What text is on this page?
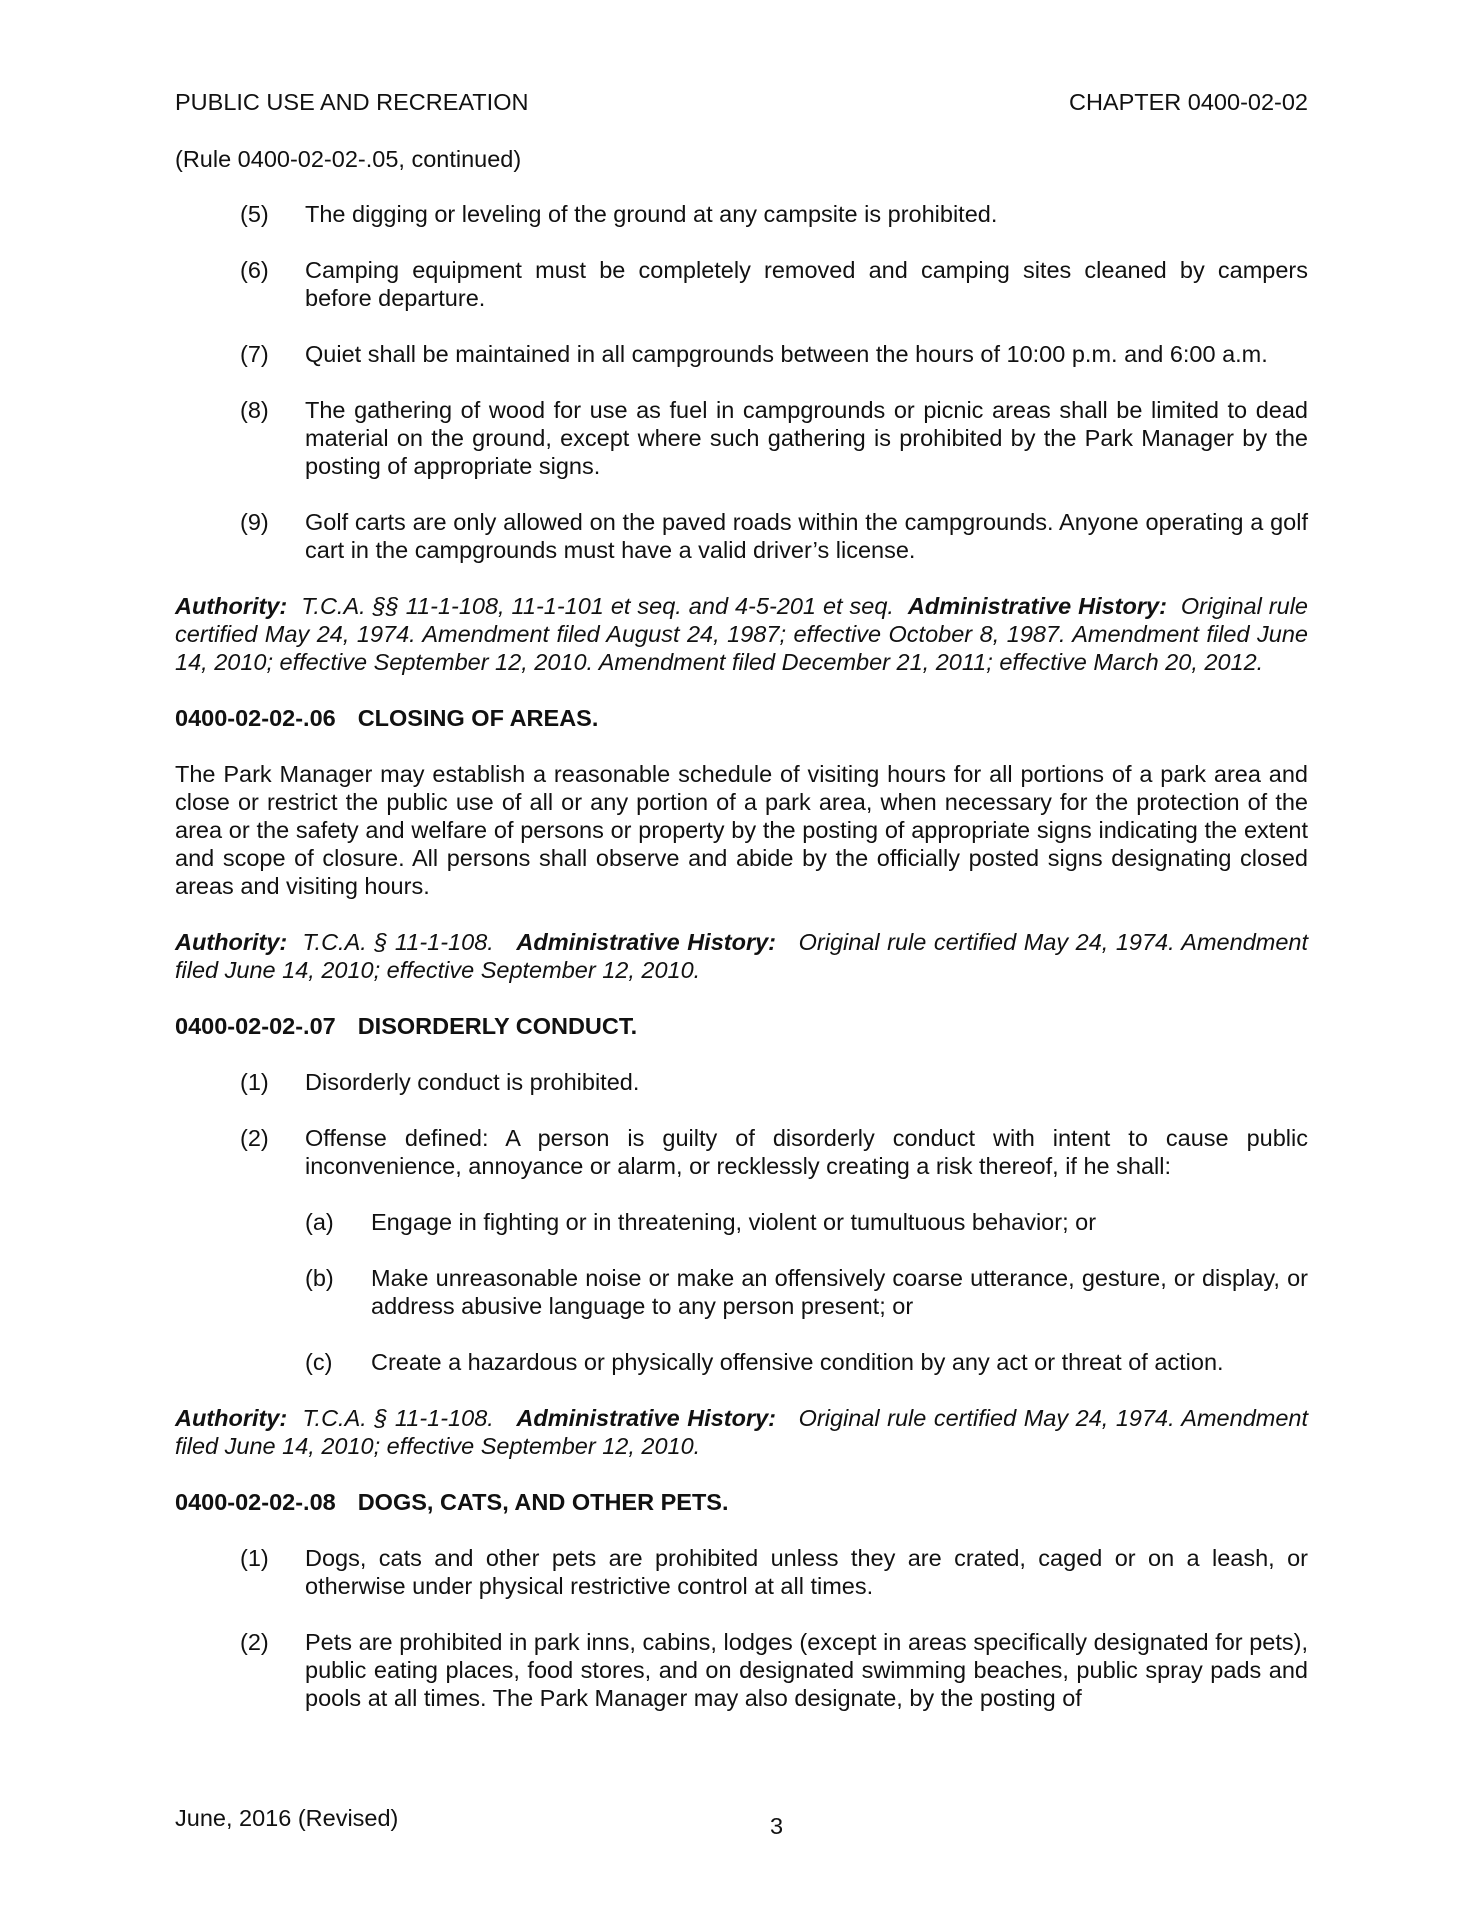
PUBLIC USE AND RECREATION	CHAPTER 0400-02-02
(Rule 0400-02-02-.05, continued)
(5) The digging or leveling of the ground at any campsite is prohibited.
(6) Camping equipment must be completely removed and camping sites cleaned by campers before departure.
(7) Quiet shall be maintained in all campgrounds between the hours of 10:00 p.m. and 6:00 a.m.
(8) The gathering of wood for use as fuel in campgrounds or picnic areas shall be limited to dead material on the ground, except where such gathering is prohibited by the Park Manager by the posting of appropriate signs.
(9) Golf carts are only allowed on the paved roads within the campgrounds. Anyone operating a golf cart in the campgrounds must have a valid driver’s license.
Authority: T.C.A. §§ 11-1-108, 11-1-101 et seq. and 4-5-201 et seq. Administrative History: Original rule certified May 24, 1974. Amendment filed August 24, 1987; effective October 8, 1987. Amendment filed June 14, 2010; effective September 12, 2010. Amendment filed December 21, 2011; effective March 20, 2012.
0400-02-02-.06 CLOSING OF AREAS.
The Park Manager may establish a reasonable schedule of visiting hours for all portions of a park area and close or restrict the public use of all or any portion of a park area, when necessary for the protection of the area or the safety and welfare of persons or property by the posting of appropriate signs indicating the extent and scope of closure. All persons shall observe and abide by the officially posted signs designating closed areas and visiting hours.
Authority: T.C.A. § 11-1-108. Administrative History: Original rule certified May 24, 1974. Amendment filed June 14, 2010; effective September 12, 2010.
0400-02-02-.07 DISORDERLY CONDUCT.
(1) Disorderly conduct is prohibited.
(2) Offense defined: A person is guilty of disorderly conduct with intent to cause public inconvenience, annoyance or alarm, or recklessly creating a risk thereof, if he shall:
(a) Engage in fighting or in threatening, violent or tumultuous behavior; or
(b) Make unreasonable noise or make an offensively coarse utterance, gesture, or display, or address abusive language to any person present; or
(c) Create a hazardous or physically offensive condition by any act or threat of action.
Authority: T.C.A. § 11-1-108. Administrative History: Original rule certified May 24, 1974. Amendment filed June 14, 2010; effective September 12, 2010.
0400-02-02-.08 DOGS, CATS, AND OTHER PETS.
(1) Dogs, cats and other pets are prohibited unless they are crated, caged or on a leash, or otherwise under physical restrictive control at all times.
(2) Pets are prohibited in park inns, cabins, lodges (except in areas specifically designated for pets), public eating places, food stores, and on designated swimming beaches, public spray pads and pools at all times. The Park Manager may also designate, by the posting of
June, 2016 (Revised)	3
